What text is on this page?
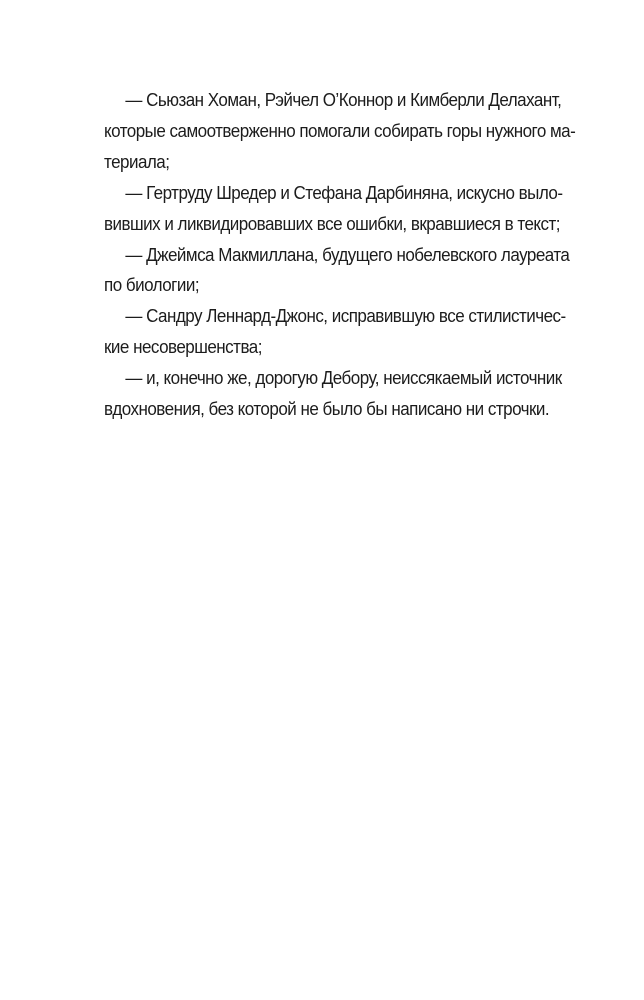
— Сьюзан Хоман, Рэйчел О’Коннор и Кимберли Делахант,
которые самоотверженно помогали собирать горы нужного ма-
териала;
— Гертруду Шредер и Стефана Дарбиняна, искусно выло-
вивших и ликвидировавших все ошибки, вкравшиеся в текст;
— Джеймса Макмиллана, будущего нобелевского лауреата
по биологии;
— Сандру Леннард-Джонс, исправившую все стилистичес-
кие несовершенства;
— и, конечно же, дорогую Дебору, неиссякаемый источник
вдохновения, без которой не было бы написано ни строчки.
